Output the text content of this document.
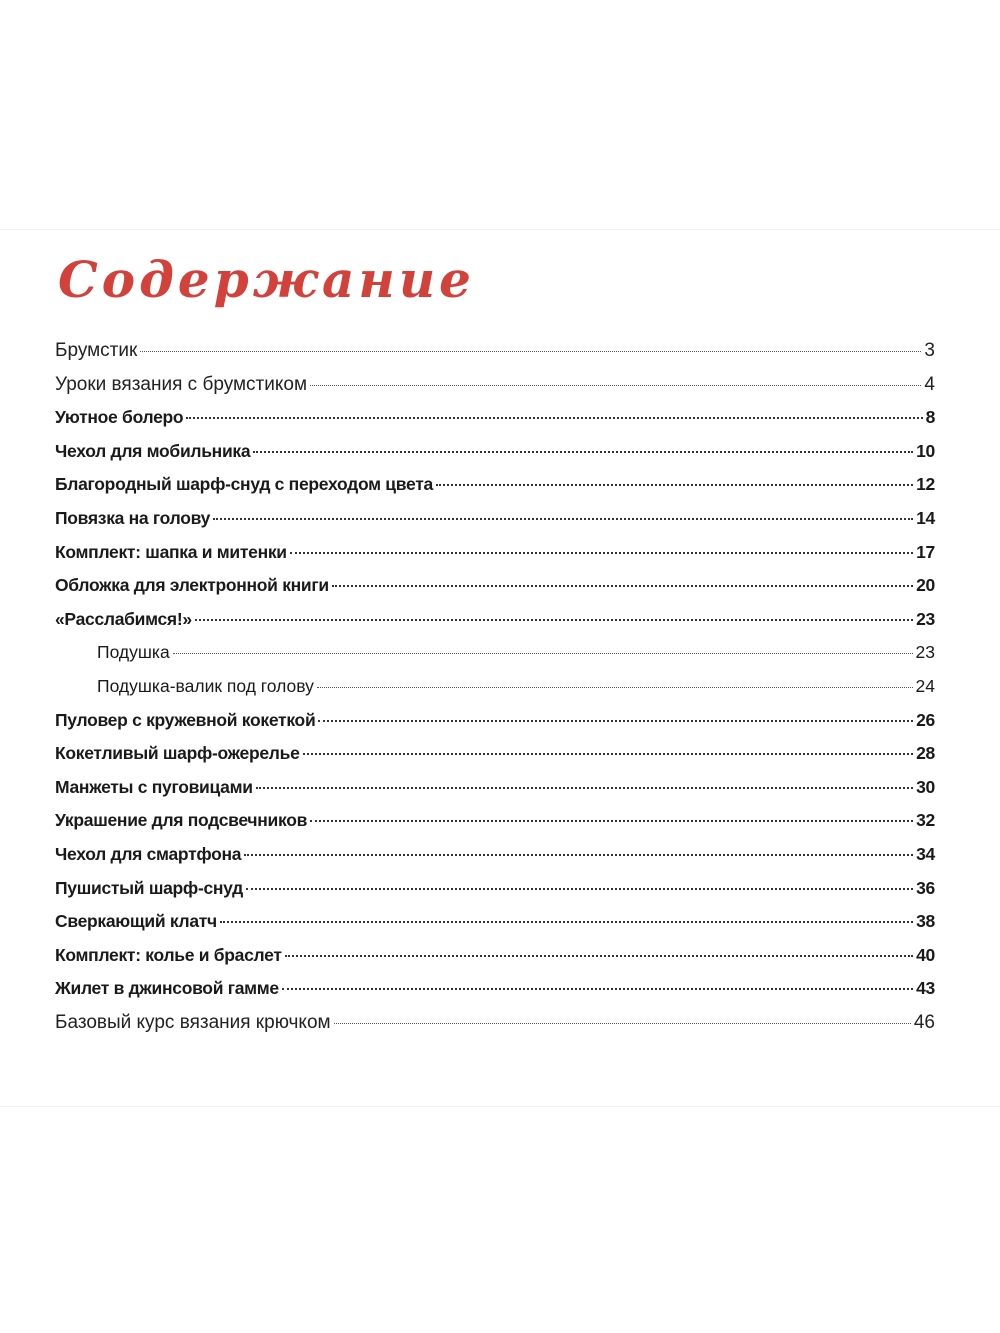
Содержание
Брумстик	3
Уроки вязания с брумстиком	4
Уютное болеро	8
Чехол для мобильника	10
Благородный шарф-снуд с переходом цвета	12
Повязка на голову	14
Комплект: шапка и митенки	17
Обложка для электронной книги	20
«Расслабимся!»	23
Подушка	23
Подушка-валик под голову	24
Пуловер с кружевной кокеткой	26
Кокетливый шарф-ожерелье	28
Манжеты с пуговицами	30
Украшение для подсвечников	32
Чехол для смартфона	34
Пушистый шарф-снуд	36
Сверкающий клатч	38
Комплект: колье и браслет	40
Жилет в джинсовой гамме	43
Базовый курс вязания крючком	46
